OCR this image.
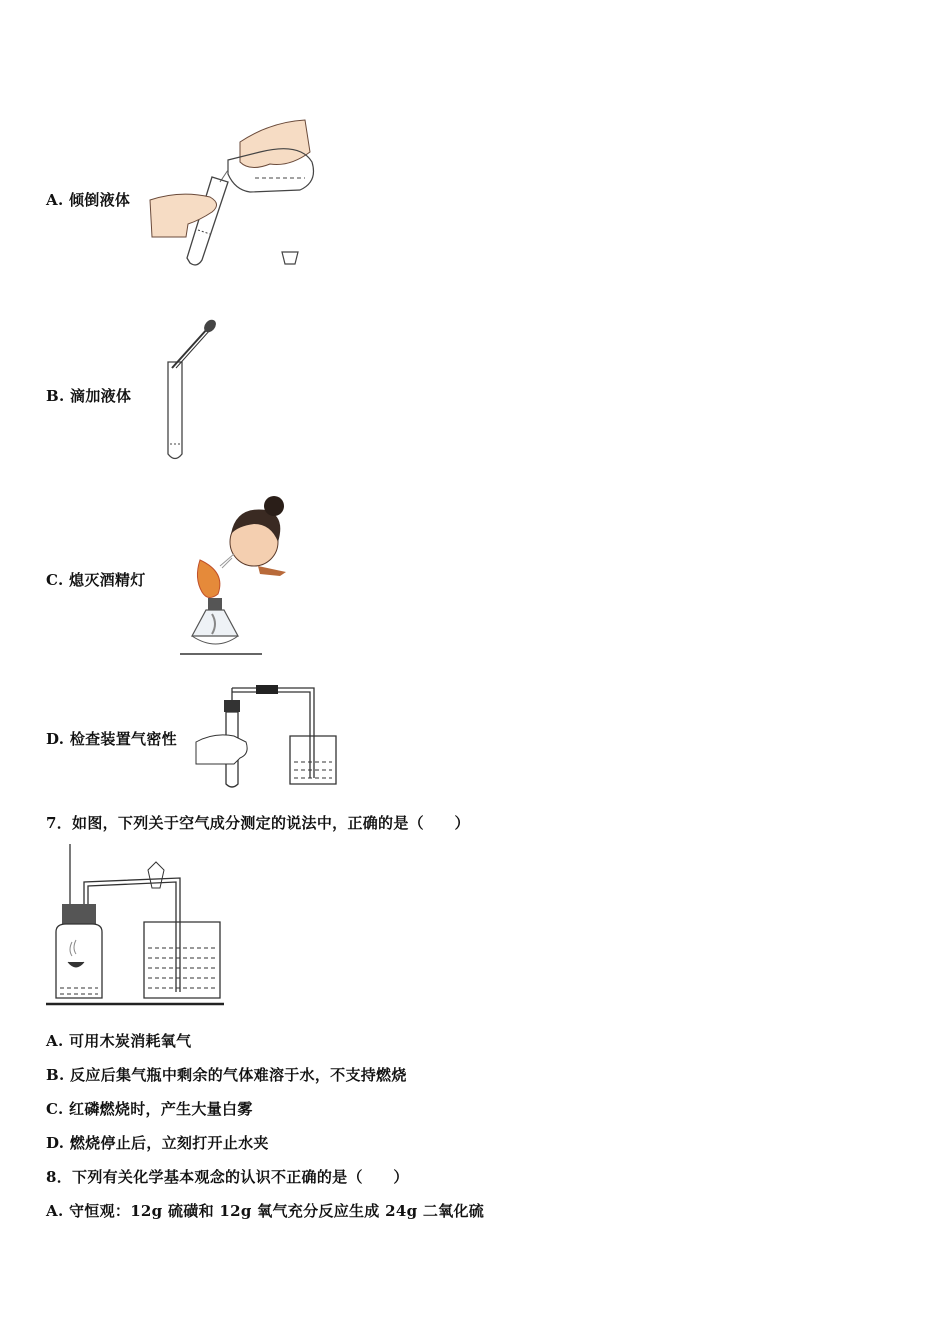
A. 倾倒液体
B. 滴加液体
C. 熄灭酒精灯
D. 检查装置气密性
7．如图，下列关于空气成分测定的说法中，正确的是（　　）
A. 可用木炭消耗氧气
B. 反应后集气瓶中剩余的气体难溶于水，不支持燃烧
C. 红磷燃烧时，产生大量白雾
D. 燃烧停止后，立刻打开止水夹
8．下列有关化学基本观念的认识不正确的是（　　）
A. 守恒观：12g 硫磺和 12g 氧气充分反应生成 24g 二氧化硫
